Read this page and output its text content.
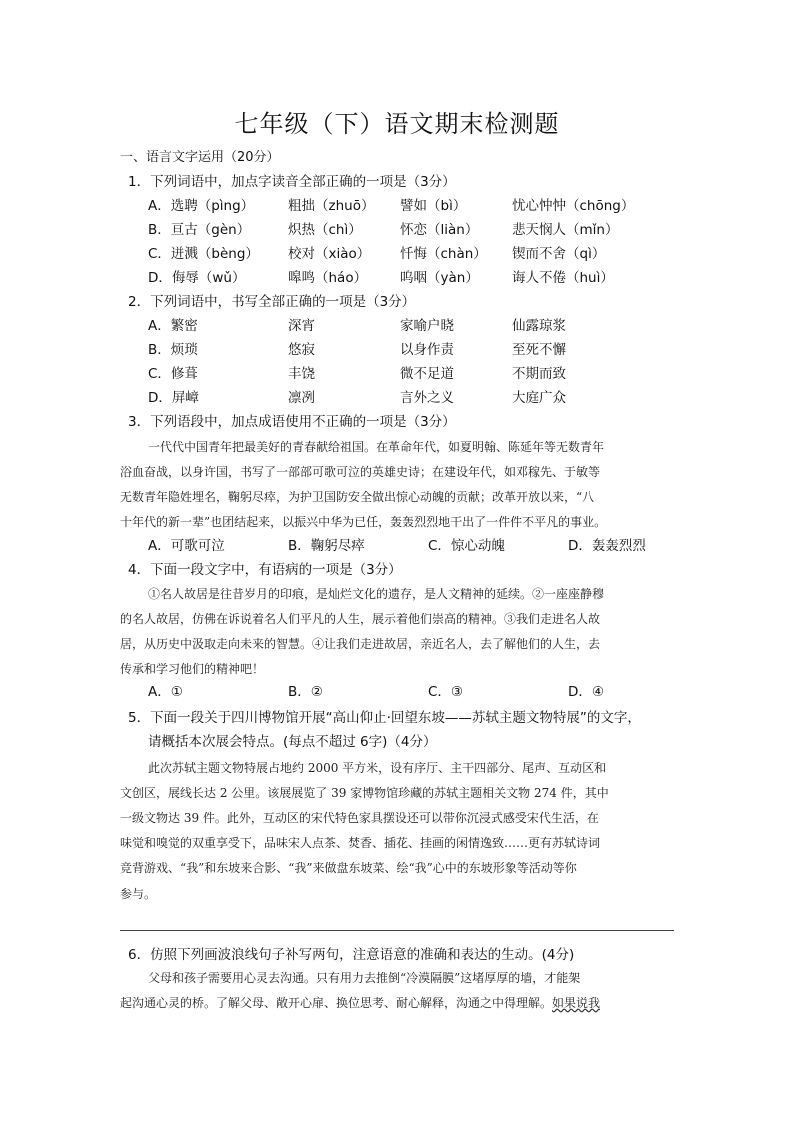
七年级（下）语文期末检测题
一、语言文字运用（20分）
1．下列词语中，加点字读音全部正确的一项是（3分）
A．选聘（pìng）	粗拙（zhuō） 譬如（bì）	忧心忡忡（chōng）
B．亘古（gèn）	炽热（chì）	怀恋（liàn） 悲天悯人（mǐn）
C．迸溅（bèng） 校对（xiào） 忏悔（chàn） 锲而不舍（qì）
D．侮辱（wǔ）	嗥鸣（háo） 呜咽（yàn） 诲人不倦（huì）
2．下列词语中，书写全部正确的一项是（3分）
A．繁密	深宵	家喻户晓	仙露琼浆
B．烦琐	悠寂	以身作责	至死不懈
C．修葺	丰饶	微不足道	不期而致
D．屏嶂	凛冽	言外之义	大庭广众
3．下列语段中，加点成语使用不正确的一项是（3分）
一代代中国青年把最美好的青春献给祖国。在革命年代，如夏明翰、陈延年等无数青年
浴血奋战，以身许国，书写了一部部可歌可泣的英雄史诗；在建设年代，如邓稼先、于敏等
无数青年隐姓埋名，鞠躬尽瘁，为护卫国防安全做出惊心动魄的贡献；改革开放以来，“八
十年代的新一辈”也团结起来，以振兴中华为已任，轰轰烈烈地干出了一件件不平凡的事业。
A．可歌可泣	B．鞠躬尽瘁	C．惊心动魄	D．轰轰烈烈
4．下面一段文字中，有语病的一项是（3分）
①名人故居是往昔岁月的印痕，是灿烂文化的遗存，是人文精神的延续。②一座座静穆
的名人故居，仿佛在诉说着名人们平凡的人生，展示着他们崇高的精神。③我们走进名人故
居，从历史中汲取走向未来的智慧。④让我们走进故居，亲近名人，去了解他们的人生，去
传承和学习他们的精神吧！
A．①	B．②	C．③	D．④
5．下面一段关于四川博物馆开展“高山仰止·回望东坡——苏轼主题文物特展”的文字，
请概括本次展会特点。(每点不超过 6字)（4分）
此次苏轼主题文物特展占地约 2000 平方米，设有序厅、主干四部分、尾声、互动区和
文创区，展线长达 2 公里。该展展览了 39 家博物馆珍藏的苏轼主题相关文物 274 件，其中
一级文物达 39 件。此外，互动区的宋代特色家具摆设还可以带你沉浸式感受宋代生活，在
味觉和嗅觉的双重享受下，品味宋人点茶、焚香、插花、挂画的闲情逸致……更有苏轼诗词
竞背游戏、“我”和东坡来合影、“我”来做盘东坡菜、绘“我”心中的东坡形象等活动等你
参与。
6．仿照下列画波浪线句子补写两句，注意语意的准确和表达的生动。(4分)
父母和孩子需要用心灵去沟通。只有用力去推倒“冷漠隔膜”这堵厚厚的墙，才能架
起沟通心灵的桥。了解父母、敞开心扉、换位思考、耐心解释，沟通之中得理解。如果说我
